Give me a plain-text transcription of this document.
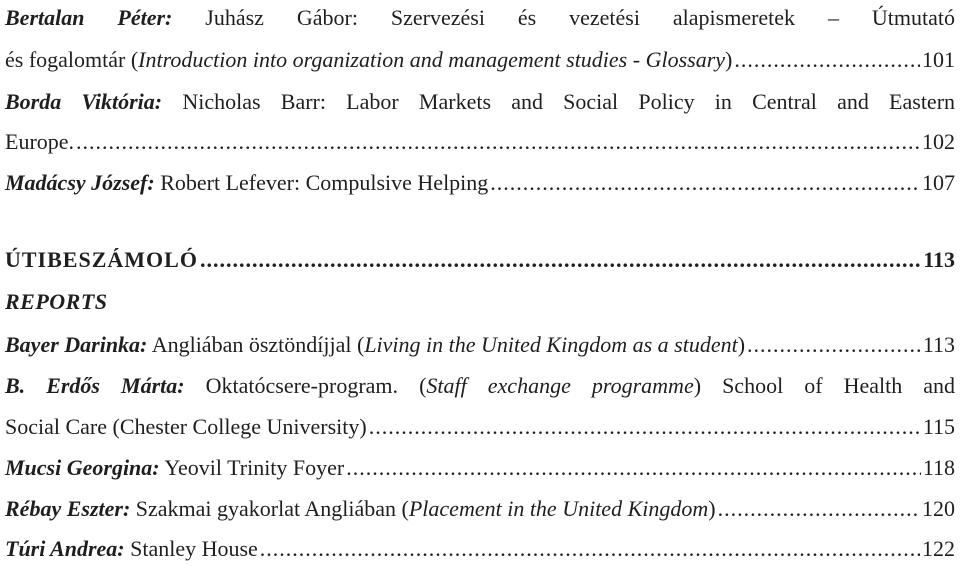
Bertalan Péter: Juhász Gábor: Szervezési és vezetési alapismeretek – Útmutató
és fogalomtár (Introduction into organization and management studies - Glossary) .....	101
Borda Viktória: Nicholas Barr: Labor Markets and Social Policy in Central and Eastern
Europe. .....	102
Madácsy József: Robert Lefever: Compulsive Helping .....	107
ÚTIBESZÁMOLÓ .....	113
REPORTS
Bayer Darinka: Angliában ösztöndíjjal (Living in the United Kingdom as a student) .....	113
B. Erdős Márta: Oktatócsere-program. (Staff exchange programme) School of Health and
Social Care (Chester College University) .....	115
Mucsi Georgina: Yeovil Trinity Foyer .....	118
Rébay Eszter: Szakmai gyakorlat Angliában (Placement in the United Kingdom) .....	120
Túri Andrea: Stanley House .....	122
